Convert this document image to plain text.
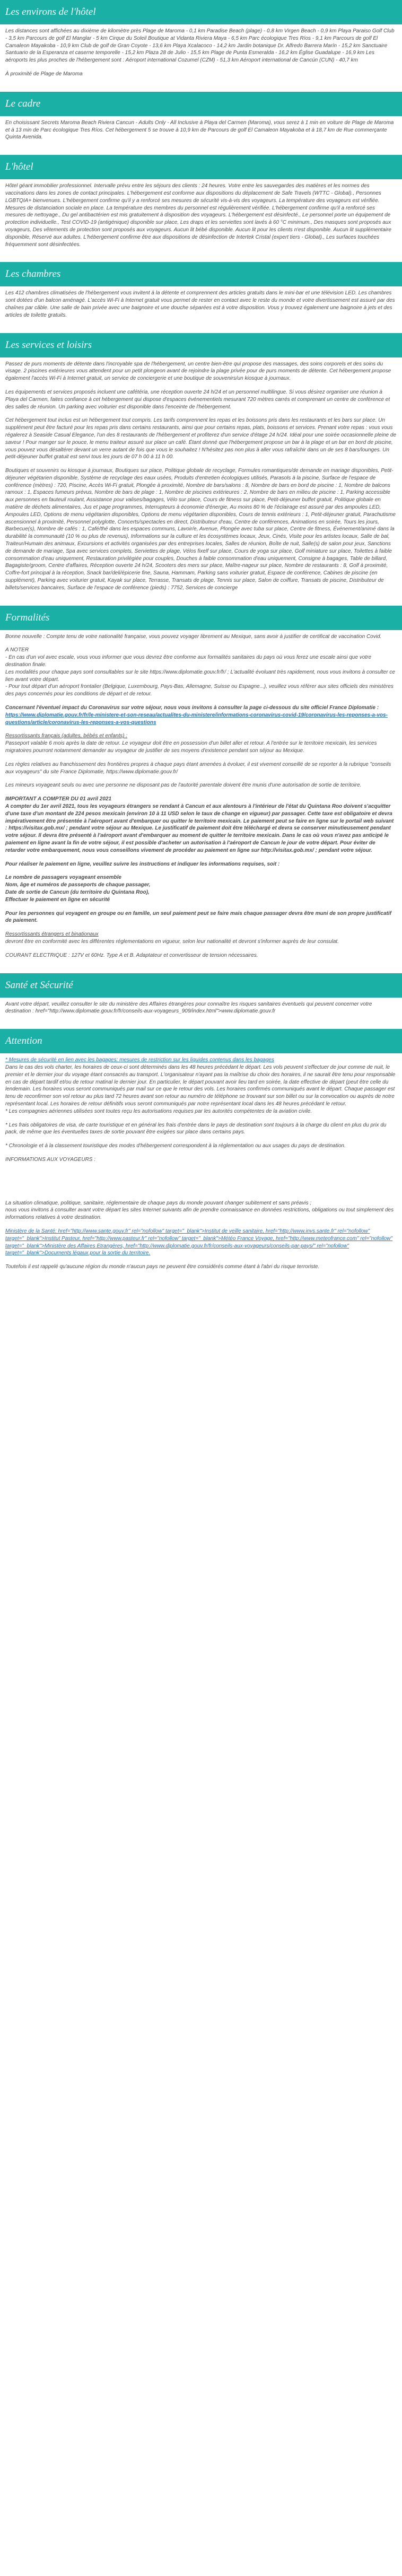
Les environs de l'hôtel

Les distances sont affichées au dixième de kilomètre près Plage de Maroma - 0,1 km Paradise Beach (plage) - 0,8 km Virgen Beach - 0,9 km Playa Paraiso Golf Club - 3,5 km Parcours de golf El Manglar - 5 km Cirque du Soleil Boutique at Vidanta Riviera Maya - 6,5 km Parc écologique Tres Ríos - 9,1 km Parcours de golf El Camaleon Mayakoba - 10,9 km Club de golf de Gran Coyote - 13,6 km Playa Xcalacoco - 14,2 km Jardin botanique Dr. Alfredo Barrera Marín - 15,2 km Sanctuaire Santuario de la Esperanza et caserne temporelle - 15,2 km Plaza 28 de Julio - 15,5 km Plage de Punta Esmeralda - 16,2 km Église Guadalupe - 16,9 km Les aéroports les plus proches de l'hébergement sont : Aéroport international Cozumel (CZM) - 51,3 km Aéroport international de Cancún (CUN) - 40,7 km

À proximité de Plage de Maroma

Le cadre

En choisissant Secrets Maroma Beach Riviera Cancun - Adults Only - All Inclusive à Playa del Carmen (Maroma), vous serez à 1 min en voiture de Plage de Maroma et à 13 min de Parc écologique Tres Ríos. Cet hébergement 5 se trouve à 10,9 km de Parcours de golf El Camaleon Mayakoba et à 18,7 km de Rue commerçante Quinta Avenida.

L'hôtel

Hôtel géant immobilier professionnel. Intervalle prévu entre les séjours des clients : 24 heures. Votre entre les sauvegardes des matières et les normes des vaccinations dans les zones de contact principales. L'hébergement est conforme aux dispositions du déplacement de Safe Travels (WTTC - Global)., Personnes LGBTQIA+ bienvenues. L'hébergement confirme qu'il y a renforcé ses mesures de sécurité vis-à-vis des voyageurs. La température des voyageurs est vérifiée. Mesures de distanciation sociale en place. La température des membres du personnel est régulièrement vérifiée. L'hébergement confirme qu'il a renforcé ses mesures de nettoyage., Du gel antibactérien est mis gratuitement à disposition des voyageurs. L'hébergement est désinfecté., Le personnel porte un équipement de protection individuelle., Test COVID-19 (antigénique) disponible sur place, Les draps et les serviettes sont lavés à 60 °C minimum., Des masques sont proposés aux voyageurs, Des vêtements de protection sont proposés aux voyageurs. Aucun lit bébé disponible. Aucun lit pour les clients n'est disponible. Aucun lit supplémentaire disponible, Réservé aux adultes. L'hébergement confirme être aux dispositions de désinfection de Intertek Cristal (expert tiers - Global)., Les surfaces touchées fréquemment sont désinfectées.

Les chambres

Les 412 chambres climatisées de l'hébergement vous invitent à la détente et comprennent des articles gratuits dans le mini-bar et une télévision LED. Les chambres sont dotées d'un balcon aménagé. L'accès Wi-Fi à Internet gratuit vous permet de rester en contact avec le reste du monde et votre divertissement est assuré par des chaînes par câble. Une salle de bain privée avec une baignoire et une douche séparées est à votre disposition. Vous y trouvez également une baignoire à jets et des articles de toilette gratuits.

Les services et loisirs

Passez de purs moments de détente dans l'incroyable spa de l'hébergement, un centre bien-être qui propose des massages, des soins corporels et des soins du visage. 2 piscines extérieures vous attendent pour un petit plongeon avant de rejoindre la plage privée pour de purs moments de détente. Cet hébergement propose également l'accès Wi-Fi à Internet gratuit, un service de conciergerie et une boutique de souvenirs/un kiosque à journaux.

Les équipements et services proposés incluent une cafétéria, une réception ouverte 24 h/24 et un personnel multilingue. Si vous désirez organiser une réunion à Playa del Carmen, faites confiance à cet hébergement qui dispose d'espaces événementiels mesurant 720 mètres carrés et comprenant un centre de conférence et des salles de réunion. Un parking avec voiturier est disponible dans l'enceinte de l'hébergement.

Cet hébergement tout inclus est un hébergement tout compris. Les tarifs comprennent les repas et les boissons pris dans les restaurants et les bars sur place. Un supplément peut être facturé pour les repas pris dans certains restaurants, ainsi que pour certains repas, plats, boissons et services. Prenant votre repas : vous vous régalerez à Seaside Casual Elegance, l'un des 8 restaurants de l'hébergement et profiterez d'un service d'étage 24 h/24. Idéal pour une soirée occasionnelle pleine de saveur ! Pour manger sur le pouce, le menu traiteur assuré sur place un café. Étant donné que l'hébergement propose un bar à la plage et un bar en bord de piscine, vous pouvez vous désaltérer devant un verre autant de fois que vous le souhaitez ! N'hésitez pas non plus à aller vous rafraîchir dans un de ses 8 bars/lounges. Un petit-déjeuner buffet gratuit est servi tous les jours de 07 h 00 à 11 h 00.

Boutiques et souvenirs ou kiosque à journaux, Boutiques sur place, Politique globale de recyclage, Formules romantiques/de demande en mariage disponibles, Petit-déjeuner végétarien disponible, Système de recyclage des eaux usées, Produits d'entretien écologiques utilisés, Parasols à la piscine, Surface de l'espace de conférence (mètres) : 720, Piscine, Accès Wi-Fi gratuit, Plongée à proximité, Nombre de bars/salons : 8, Nombre de bars en bord de piscine : 1, Nombre de balcons ramoux : 1, Espaces fumeurs prévus, Nombre de bars de plage : 1, Nombre de piscines extérieures : 2, Nombre de bars en milieu de piscine : 1, Parking accessible aux personnes en fauteuil roulant, Assistance pour valises/bagages, Vélo sur place, Cours de fitness sur place, Petit-déjeuner buffet gratuit, Politique globale en matière de déchets alimentaires, Jus et page programmes, Interrupteurs à économie d'énergie, Au moins 80 % de l'éclairage est assuré par des ampoules LED, Ampoules LED, Options de menu végétarien disponibles, Options de menu végétarien disponibles, Cours de tennis extérieurs : 1, Petit-déjeuner gratuit, Parachutisme ascensionnel à proximité, Personnel polyglotte, Concerts/spectacles en direct, Distributeur d'eau, Centre de conférences, Animations en soirée, Tours les jours, Barbecue(s), Nombre de cafés : 1, Café/thé dans les espaces communs, Lavoir/e, Avenue, Plongée avec tuba sur place, Centre de fitness, Événement/animé dans la durabilité la communauté (10 % ou plus de revenus), Informations sur la culture et les écosystèmes locaux, Jeux, Cinés, Visite pour les artistes locaux, Salle de bal, Traiteur/Humain des animaux, Excursions et activités organisées par des entreprises locales, Salles de réunion, Boîte de nuit, Salle(s) de salon pour jeux, Sanctions de demande de mariage, Spa avec services complets, Serviettes de plage, Vélos fixelf sur place, Cours de yoga sur place, Golf miniature sur place, Toilettes à faible consommation d'eau uniquement, Restauration privilégiée pour couples, Douches à faible consommation d'eau uniquement, Consigne à bagages, Table de billard, Bagagiste/groom, Centre d'affaires, Réception ouverte 24 h/24, Scooters des mers sur place, Maître-nageur sur place, Nombre de restaurants : 8, Golf à proximité, Coffre-fort principal à la réception, Snack bar/deli/épicerie fine, Sauna, Hammam, Parking sans voiturier gratuit, Espace de conférence, Cabines de piscine (en supplément), Parking avec voiturier gratuit, Kayak sur place, Terrasse, Transats de plage, Tennis sur place, Salon de coiffure, Transats de piscine, Distributeur de billets/services bancaires, Surface de l'espace de conférence (pieds) : 7752, Services de concierge

Formalités

Bonne nouvelle : Compte tenu de votre nationalité française, vous pouvez voyager librement au Mexique, sans avoir à justifier de certificat de vaccination Covid.

A NOTER

- En cas d'un vol avec escale, vous vous informer que vous devrez être conforme aux formalités sanitaires du pays où vous ferez une escale ainsi que votre destination finale.

Les modalités pour chaque pays sont consultables sur le site https://www.diplomatie.gouv.fr/fr/ ; L'actualité évoluant très rapidement, nous vous invitons à consulter ce lien avant votre départ.

- Pour tout départ d'un aéroport frontalier (Belgique, Luxembourg, Pays-Bas, Allemagne, Suisse ou Espagne...), veuillez vous référer aux sites officiels des ministères des pays concernés pour les conditions de départ et de retour.

Concernant l'éventuel impact du Coronavirus sur votre séjour, nous vous invitons à consulter la page ci-dessous du site officiel France Diplomatie :

https://www.diplomatie.gouv.fr/fr/le-ministere-et-son-reseau/actualites-du-ministere/informations-coronavirus-covid-19/coronavirus-les-reponses-a-vos-questions/article/coronavirus-les-reponses-a-vos-questions

Ressortissants français (adultes, bébés et enfants) :

Passeport valable 6 mois après la date de retour. Le voyageur doit être en possession d'un billet aller et retour. A l'entrée sur le territoire mexicain, les services migratoires pourront notamment demander au voyageur de justifier de ses moyens d'existence pendant son séjour au Mexique.

Les règles relatives au franchissement des frontières propres à chaque pays étant amenées à évoluer, il est vivement conseillé de se reporter à la rubrique "conseils aux voyageurs" du site France Diplomatie, https://www.diplomatie.gouv.fr/

Les mineurs voyageant seuls ou avec une personne ne disposant pas de l'autorité parentale doivent être munis d'une autorisation de sortie de territoire.

IMPORTANT A COMPTER DU 01 avril 2021

A compter du 1er avril 2021, tous les voyageurs étrangers se rendant à Cancun et aux alentours à l'intérieur de l'état du Quintana Roo doivent s'acquitter d'une taxe d'un montant de 224 pesos mexicain (environ 10 à 11 USD selon le taux de change en vigueur) par passager. Cette taxe est obligatoire et devra impérativement être présentée à l'aéroport avant d'embarquer ou quitter le territoire mexicain. Le paiement peut se faire en ligne sur le portail web suivant : https://visitax.gob.mx/ ; pendant votre séjour au Mexique. Le justificatif de paiement doit être téléchargé et devra se conserver minutieusement pendant votre séjour. Il devra être présenté à l'aéroport avant d'embarquer au moment de quitter le territoire mexicain. Dans le cas où vous n'avez pas anticipé le paiement en ligne avant la fin de votre séjour, il est possible d'acheter un autorisation à l'aéroport de Cancun le jour de votre départ. Pour éviter de retarder votre embarquement, nous vous conseillons vivement de procéder au paiement en ligne sur http://visitax.gob.mx/ ; pendant votre séjour.

Pour réaliser le paiement en ligne, veuillez suivre les instructions et indiquer les informations requises, soit :

Le nombre de passagers voyageant ensemble

Nom, âge et numéros de passeports de chaque passager,

Date de sortie de Cancun (du territoire du Quintana Roo),

Effectuer le paiement en ligne en sécurité

Pour les personnes qui voyagent en groupe ou en famille, un seul paiement peut se faire mais chaque passager devra être muni de son propre justificatif de paiement.

Ressortissants étrangers et binationaux

devront être en conformité avec les différentes réglementations en vigueur, selon leur nationalité et devront s'informer auprès de leur consulat.

COURANT ELECTRIQUE : 127V et 60Hz. Type A et B. Adaptateur et convertisseur de tension nécessaires.

Santé et Sécurité

Avant votre départ, veuillez consulter le site du ministère des Affaires étrangères pour connaître les risques sanitaires éventuels qui peuvent concerner votre destination : href="http://www.diplomatie.gouv.fr/fr/conseils-aux-voyageurs_909/index.html">www.diplomatie.gouv.fr

Attention

* Mesures de sécurité en lien avec les bagages: mesures de restriction sur les liquides contenus dans les bagages

Dans le cas des vols charter, les horaires de ceux-ci sont déterminés dans les 48 heures précédant le départ. Les vols peuvent s'effectuer de jour comme de nuit, le premier et le dernier jour du voyage étant consacrés au transport. L'organisateur n'ayant pas la maîtrise du choix des horaires, il ne saurait être tenu pour responsable en cas de départ tardif et/ou de retour matinal le dernier jour. En particulier, le départ pouvant avoir lieu tard en soirée, la date effective de départ (peut être celle du lendemain. Les horaires vous seront communiqués par mail sur ce que le retour des vols. Les horaires confirmés communiqués avant le départ. Chaque passager est tenu de reconfirmer son vol retour au plus tard 72 heures avant son retour au numéro de téléphone se trouvant sur son billet ou sur la convocation ou auprès de notre représentant local. Les horaires de retour définitifs vous seront communiqués par notre représentant local dans les 48 heures précédant le retour.

* Les compagnies aériennes utilisées sont toutes reçu les autorisations requises par les autorités compétentes de la aviation civile.

* Les frais obligatoires de visa, de carte touristique et en général les frais d'entrée dans le pays de destination sont toujours à la charge du client en plus du prix du pack, de même que les éventuelles taxes de sortie pouvant être exigées sur place dans certains pays.

* Chronologie et à la classement touristique des modes d'hébergement correspondent à la réglementation ou aux usages du pays de destination.

INFORMATIONS AUX VOYAGEURS :

La situation climatique, politique, sanitaire, réglementaire de chaque pays du monde pouvant changer subitement et sans préavis ;
nous vous invitons à consulter avant votre départ les sites Internet suivants afin de prendre connaissance en données restrictions, obligations ou tout simplement des informations relatives à votre destination.

Ministère de la Santé: href="http://www.sante.gouv.fr" rel="nofollow" target="_blank">Institut de veille sanitaire, href="http://www.invs.sante.fr" rel="nofollow" target="_blank">Institut Pasteur, href="http://www.pasteur.fr" rel="nofollow" target="_blank">Météo France Voyage, href="http://www.meteofrance.com" rel="nofollow" target="_blank">Ministère des Affaires Etrangères, href="http://www.diplomatie.gouv.fr/fr/conseils-aux-voyageurs/conseils-par-pays/" rel="nofollow" target="_blank">Documents légaux pour la sortie du territoire.

Toutefois il est rappelé qu'aucune région du monde n'aucun pays ne peuvent être considérés comme étant à l'abri du risque terroriste.
